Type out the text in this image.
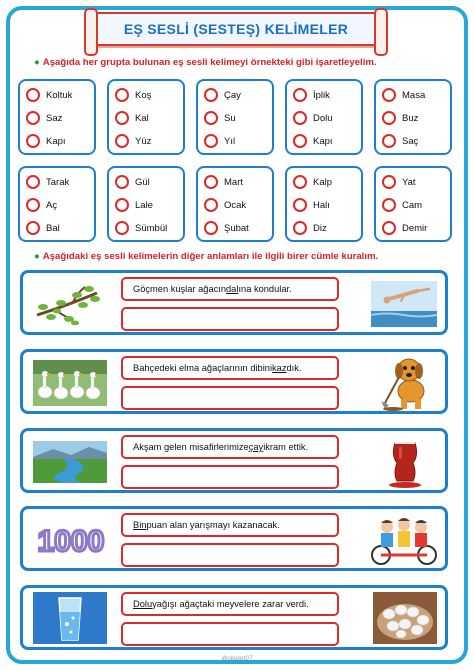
EŞ SESLİ (SESTEŞ) KELİMELER
● Aşağıda her grupta bulunan eş sesli kelimeyi örnekteki gibi işaretleyelim.
Koltuk
Saz
Kapı
Koş
Kal
Yüz
Çay
Su
Yıl
İplik
Dolu
Kapı
Masa
Buz
Saç
Tarak
Aç
Bal
Gül
Lale
Sümbül
Mart
Ocak
Şubat
Kalp
Halı
Diz
Yat
Cam
Demir
● Aşağıdaki eş sesli kelimelerin diğer anlamları ile ilgili birer cümle kuralım.
Göçmen kuşlar ağacın dal ına kondular.
Bahçedeki elma ağaçlarının dibini kaz dık.
Akşam gelen misafirlerimize çay ikram ettik.
1000	Bin puan alan yarışmayı kazanacak.
Dolu yağışı ağaçtaki meyvelere zarar verdi.
ilkokulart07
